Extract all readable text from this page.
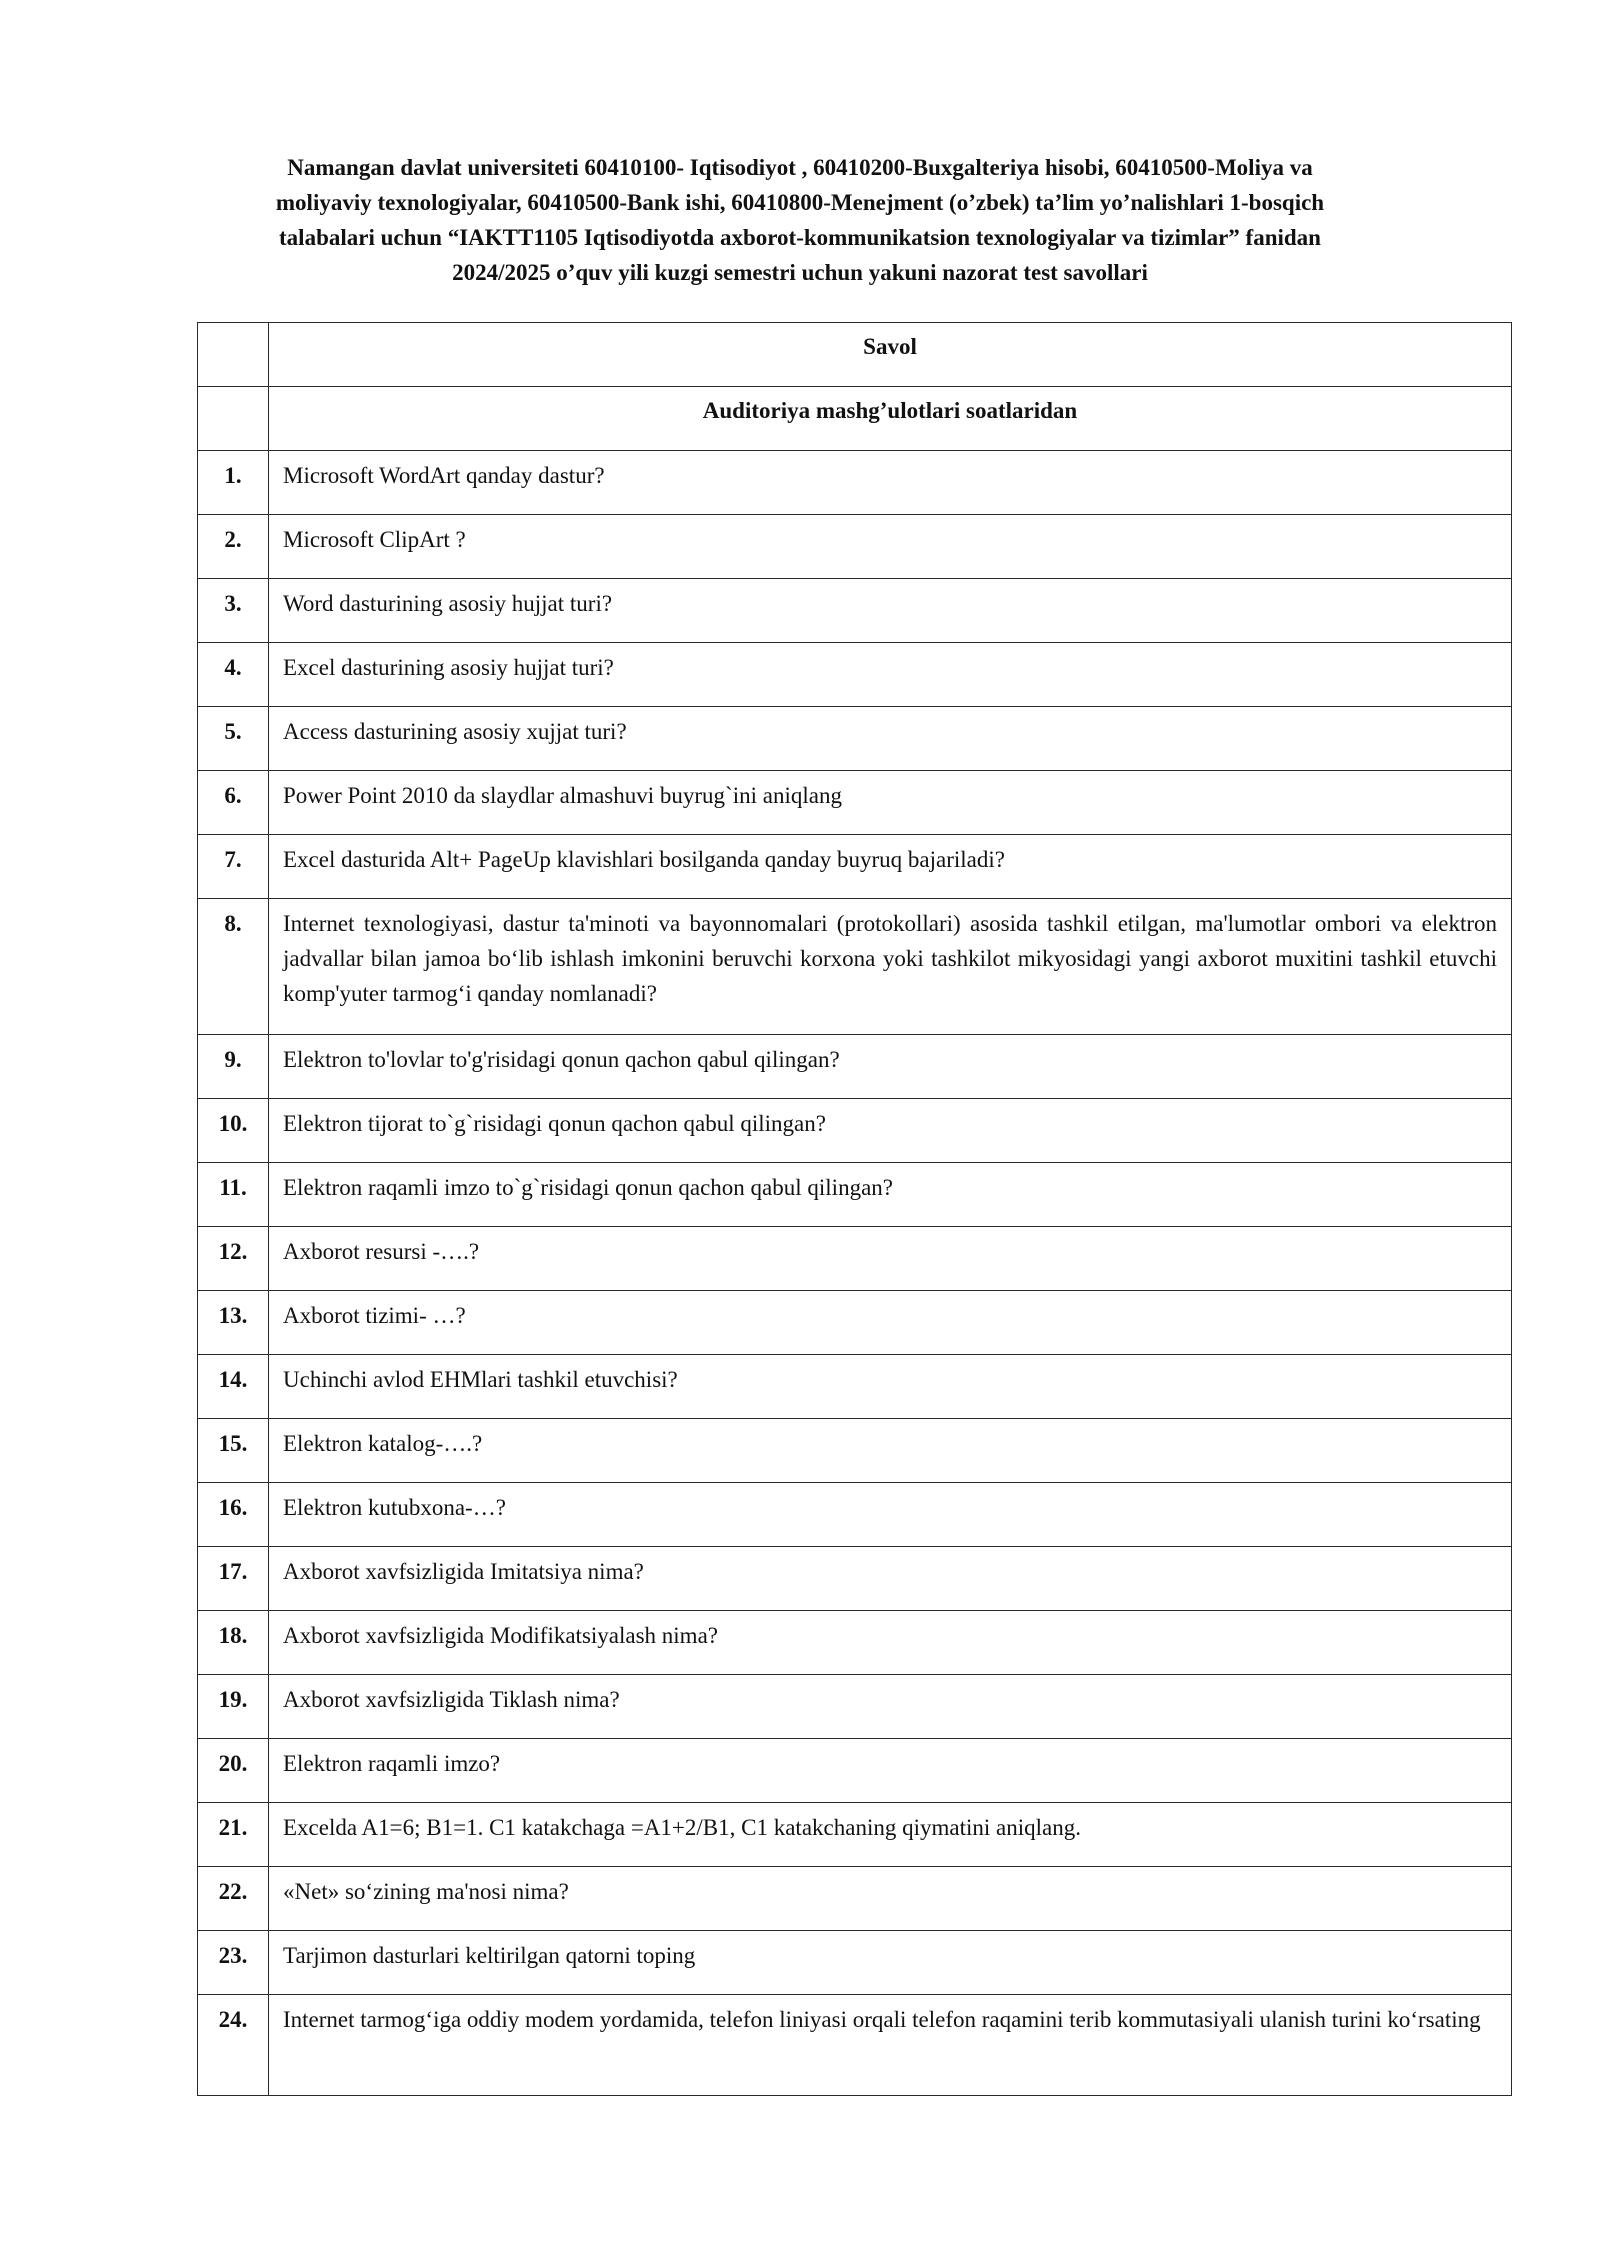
Namangan davlat universiteti 60410100- Iqtisodiyot , 60410200-Buxgalteriya hisobi, 60410500-Moliya va
moliyaviy texnologiyalar, 60410500-Bank ishi, 60410800-Menejment (o’zbek) ta’lim yo’nalishlari 1-bosqich
talabalari uchun “IAKTT1105 Iqtisodiyotda axborot-kommunikatsion texnologiyalar va tizimlar” fanidan
2024/2025 o’quv yili kuzgi semestri uchun yakuni nazorat test savollari

	Savol

	Auditoriya mashg’ulotlari soatlaridan

1.	Microsoft WordArt qanday dastur?

2.	Microsoft ClipArt ?

3.	Word dasturining asosiy hujjat turi?

4.	Excel dasturining asosiy hujjat turi?

5.	Access dasturining asosiy xujjat turi?

6.	Power Point 2010 da slaydlar almashuvi buyrug`ini aniqlang

7.	Excel dasturida Alt+ PageUp klavishlari bosilganda qanday buyruq bajariladi?

8.	Internet texnologiyasi, dastur ta'minoti va bayonnomalari (protokollari) asosida tashkil etilgan, ma'lumotlar ombori va elektron jadvallar bilan jamoa bo‘lib ishlash imkonini beruvchi korxona yoki tashkilot mikyosidagi yangi axborot muxitini tashkil etuvchi komp'yuter tarmog‘i qanday nomlanadi?

9.	Elektron to'lovlar to'g'risidagi qonun qachon qabul qilingan?

10.	Elektron tijorat to`g`risidagi qonun qachon qabul qilingan?

11.	Elektron raqamli imzo to`g`risidagi qonun qachon qabul qilingan?

12.	Axborot resursi -….?

13.	Axborot tizimi- …?

14.	Uchinchi avlod EHMlari tashkil etuvchisi?

15.	Elektron katalog-….?

16.	Elektron kutubxona-…?

17.	Axborot xavfsizligida Imitatsiya nima?

18.	Axborot xavfsizligida Modifikatsiyalash nima?

19.	Axborot xavfsizligida Tiklash nima?

20.	Elektron raqamli imzo?

21.	Excelda A1=6; B1=1. C1 katakchaga =A1+2/B1, C1 katakchaning qiymatini aniqlang.

22.	«Net» so‘zining ma'nosi nima?

23.	Tarjimon dasturlari keltirilgan qatorni toping

24.	Internet tarmog‘iga oddiy modem yordamida, telefon liniyasi orqali telefon raqamini terib kommutasiyali ulanish turini ko‘rsating
